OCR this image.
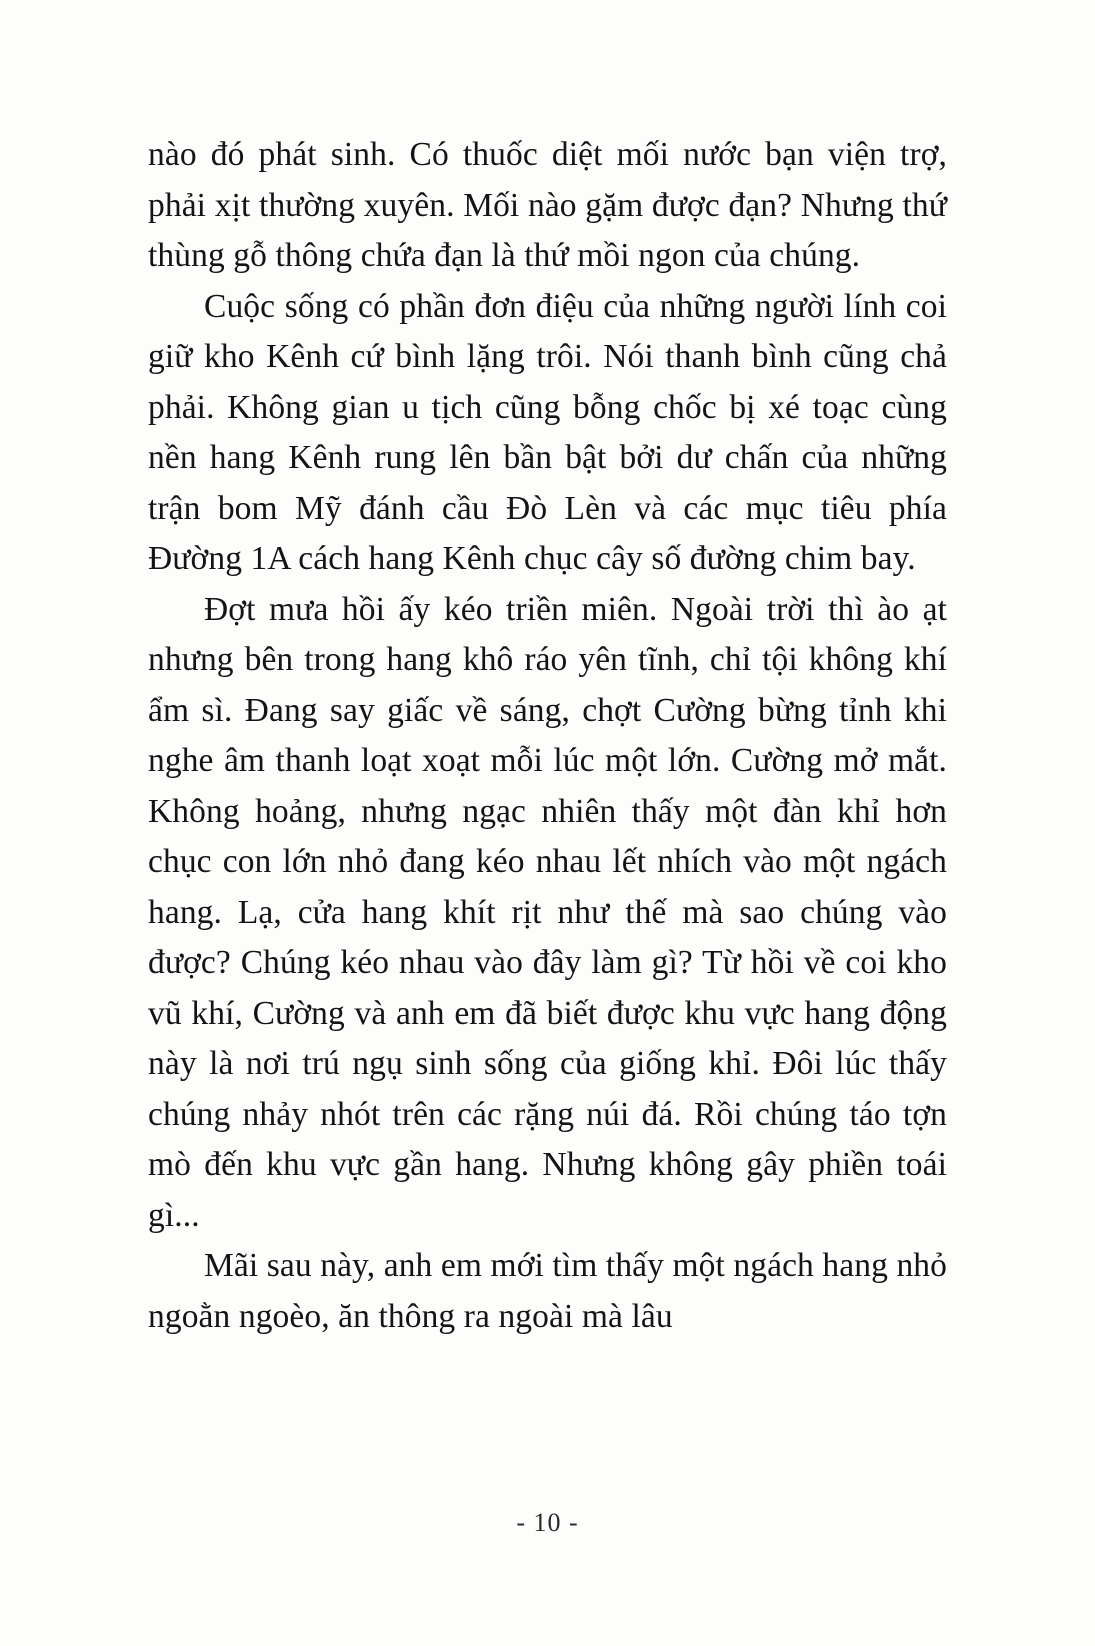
nào đó phát sinh. Có thuốc diệt mối nước bạn viện trợ, phải xịt thường xuyên. Mối nào gặm được đạn? Nhưng thứ thùng gỗ thông chứa đạn là thứ mồi ngon của chúng.

Cuộc sống có phần đơn điệu của những người lính coi giữ kho Kênh cứ bình lặng trôi. Nói thanh bình cũng chả phải. Không gian u tịch cũng bỗng chốc bị xé toạc cùng nền hang Kênh rung lên bần bật bởi dư chấn của những trận bom Mỹ đánh cầu Đò Lèn và các mục tiêu phía Đường 1A cách hang Kênh chục cây số đường chim bay.

Đợt mưa hồi ấy kéo triền miên. Ngoài trời thì ào ạt nhưng bên trong hang khô ráo yên tĩnh, chỉ tội không khí ẩm sì. Đang say giấc về sáng, chợt Cường bừng tỉnh khi nghe âm thanh loạt xoạt mỗi lúc một lớn. Cường mở mắt. Không hoảng, nhưng ngạc nhiên thấy một đàn khỉ hơn chục con lớn nhỏ đang kéo nhau lết nhích vào một ngách hang. Lạ, cửa hang khít rịt như thế mà sao chúng vào được? Chúng kéo nhau vào đây làm gì? Từ hồi về coi kho vũ khí, Cường và anh em đã biết được khu vực hang động này là nơi trú ngụ sinh sống của giống khỉ. Đôi lúc thấy chúng nhảy nhót trên các rặng núi đá. Rồi chúng táo tợn mò đến khu vực gần hang. Nhưng không gây phiền toái gì...

Mãi sau này, anh em mới tìm thấy một ngách hang nhỏ ngoằn ngoèo, ăn thông ra ngoài mà lâu

- 10 -
